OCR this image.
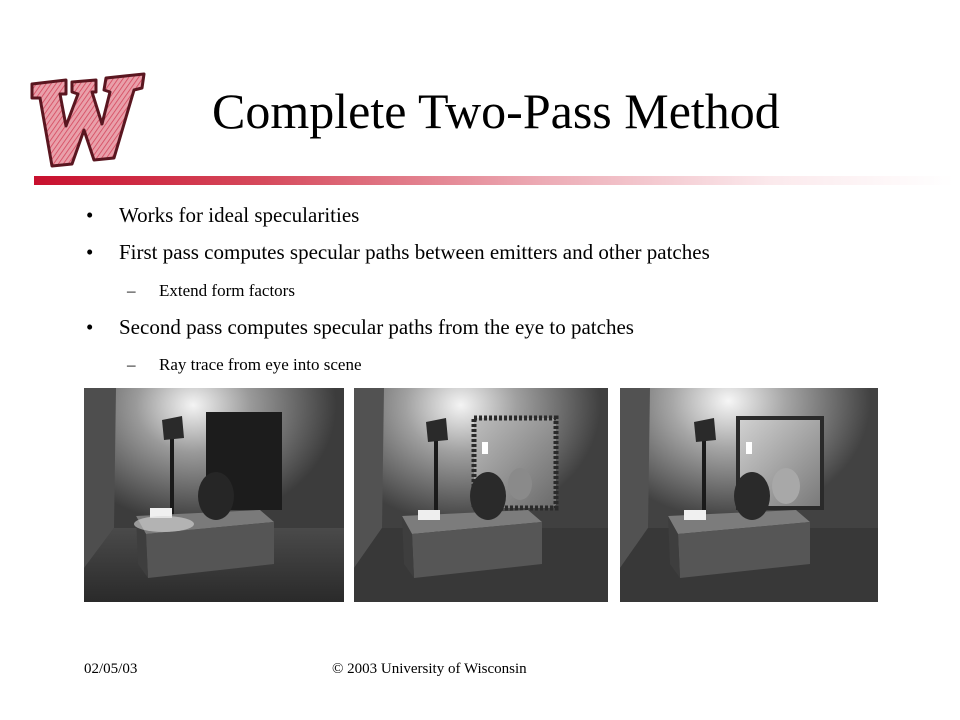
Complete Two-Pass Method
• Works for ideal specularities
• First pass computes specular paths between emitters and other patches
– Extend form factors
• Second pass computes specular paths from the eye to patches
– Ray trace from eye into scene
02/05/03	© 2003 University of Wisconsin
